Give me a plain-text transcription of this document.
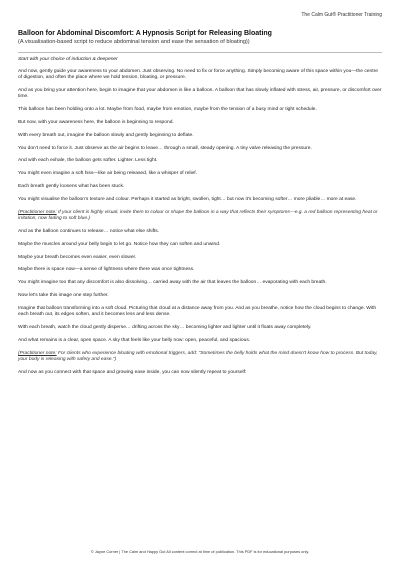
The Calm Gut® Practitioner Training
Balloon for Abdominal Discomfort: A Hypnosis Script for Releasing Bloating
(A visualisation-based script to reduce abdominal tension and ease the sensation of bloating))
Start with your choice of induction & deepener
And now, gently guide your awareness to your abdomen. Just observing. No need to fix or force anything. Simply becoming aware of this space within you—the centre of digestion, and often the place where we hold tension, bloating, or pressure.
And as you bring your attention here, begin to imagine that your abdomen is like a balloon. A balloon that has slowly inflated with stress, air, pressure, or discomfort over time.
This balloon has been holding onto a lot. Maybe from food, maybe from emotion, maybe from the tension of a busy mind or tight schedule.
But now, with your awareness here, the balloon is beginning to respond.
With every breath out, imagine the balloon slowly and gently beginning to deflate.
You don't need to force it. Just observe as the air begins to leave… through a small, steady opening. A tiny valve releasing the pressure.
And with each exhale, the balloon gets softer. Lighter. Less tight.
You might even imagine a soft hiss—like air being released, like a whisper of relief.
Each breath gently loosens what has been stuck.
You might visualise the balloon's texture and colour. Perhaps it started as bright, swollen, tight… but now it's becoming softer… more pliable… more at ease.
(Practitioner note: If your client is highly visual, invite them to colour or shape the balloon in a way that reflects their symptoms—e.g. a red balloon representing heat or irritation, now fading to soft blue.)
And as the balloon continues to release… notice what else shifts.
Maybe the muscles around your belly begin to let go. Notice how they can soften and unwind.
Maybe your breath becomes even easier, even slower.
Maybe there is space now—a sense of lightness where there was once tightness.
You might imagine too that any discomfort is also dissolving… carried away with the air that leaves the balloon… evaporating with each breath.
Now let's take this image one step further.
Imagine that balloon transforming into a soft cloud. Picturing that cloud at a distance away from you. And as you breathe, notice how the cloud begins to change. With each breath out, its edges soften, and it becomes less and less dense.
With each breath, watch the cloud gently disperse… drifting across the sky… becoming lighter and lighter until it floats away completely.
And what remains is a clear, open space. A sky that feels like your belly now: open, peaceful, and spacious.
(Practitioner note: For clients who experience bloating with emotional triggers, add: "Sometimes the belly holds what the mind doesn't know how to process. But today, your body is releasing with safety and ease.")
And now as you connect with that space and growing ease inside, you can now silently repeat to yourself:
© Jayne Corner | The Calm and Happy Gut All content correct at time of publication. This PDF is for educational purposes only.
